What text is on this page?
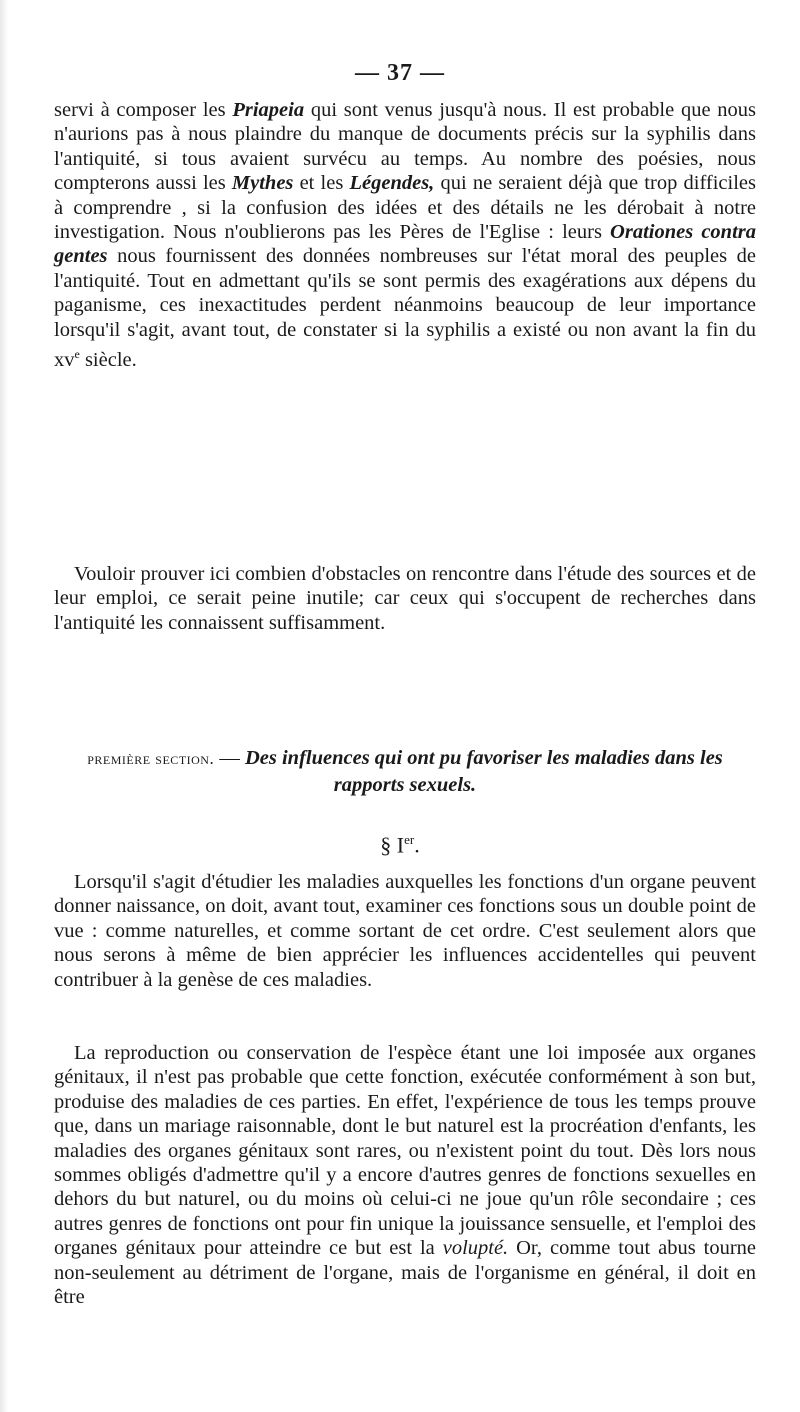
— 37 —

servi à composer les Priapeia qui sont venus jusqu'à nous. Il est probable que nous n'aurions pas à nous plaindre du manque de documents précis sur la syphilis dans l'antiquité, si tous avaient survécu au temps. Au nombre des poésies, nous compterons aussi les Mythes et les Légendes, qui ne seraient déjà que trop difficiles à comprendre , si la confusion des idées et des détails ne les dérobait à notre investigation. Nous n'oublierons pas les Pères de l'Eglise : leurs Orationes contra gentes nous fournissent des données nombreuses sur l'état moral des peuples de l'antiquité. Tout en admettant qu'ils se sont permis des exagérations aux dépens du paganisme, ces inexactitudes perdent néanmoins beaucoup de leur importance lorsqu'il s'agit, avant tout, de constater si la syphilis a existé ou non avant la fin du $xv^e$ siècle.

Vouloir prouver ici combien d'obstacles on rencontre dans l'étude des sources et de leur emploi, ce serait peine inutile; car ceux qui s'occupent de recherches dans l'antiquité les connaissent suffisamment.

première section. — Des influences qui ont pu favoriser les maladies dans les rapports sexuels.
§ Ier.

Lorsqu'il s'agit d'étudier les maladies auxquelles les fonctions d'un organe peuvent donner naissance, on doit, avant tout, examiner ces fonctions sous un double point de vue : comme naturelles, et comme sortant de cet ordre. C'est seulement alors que nous serons à même de bien apprécier les influences accidentelles qui peuvent contribuer à la genèse de ces maladies.

La reproduction ou conservation de l'espèce étant une loi imposée aux organes génitaux, il n'est pas probable que cette fonction, exécutée conformément à son but, produise des maladies de ces parties. En effet, l'expérience de tous les temps prouve que, dans un mariage raisonnable, dont le but naturel est la procréation d'enfants, les maladies des organes génitaux sont rares, ou n'existent point du tout. Dès lors nous sommes obligés d'admettre qu'il y a encore d'autres genres de fonctions sexuelles en dehors du but naturel, ou du moins où celui-ci ne joue qu'un rôle secondaire ; ces autres genres de fonctions ont pour fin unique la jouissance sensuelle, et l'emploi des organes génitaux pour atteindre ce but est la volupté. Or, comme tout abus tourne non-seulement au détriment de l'organe, mais de l'organisme en général, il doit en être
